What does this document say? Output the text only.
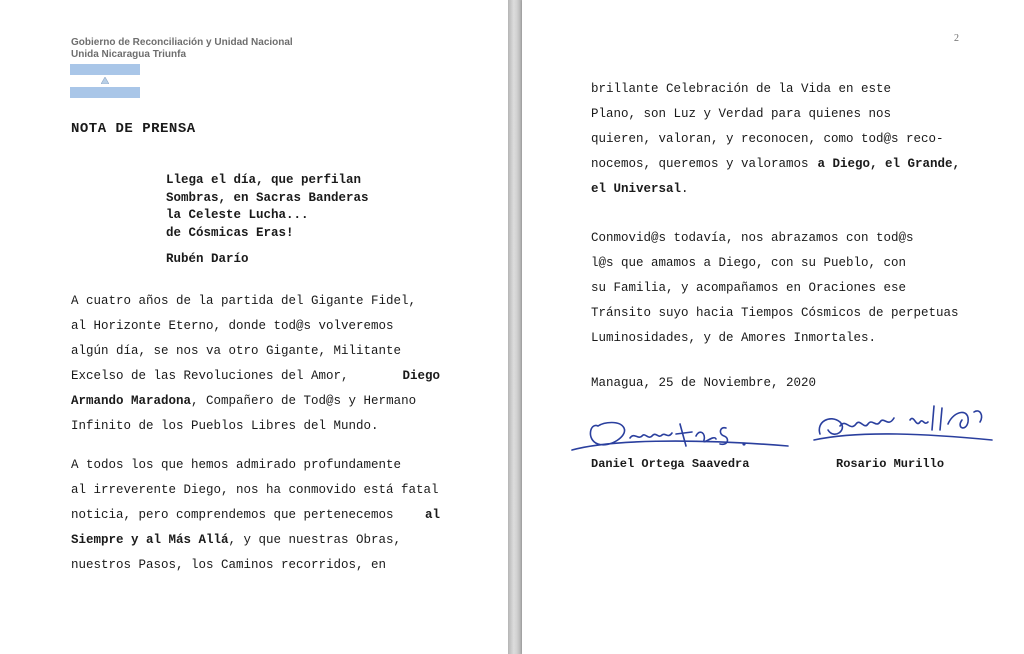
Gobierno de Reconciliación y Unidad Nacional
Unida Nicaragua Triunfa
NOTA DE PRENSA
Llega el día, que perfilan
Sombras, en Sacras Banderas
la Celeste Lucha...
de Cósmicas Eras!
Rubén Darío
A cuatro años de la partida del Gigante Fidel,
al Horizonte Eterno, donde tod@s volveremos
algún día, se nos va otro Gigante, Militante
Excelso de las Revoluciones del Amor,	Diego
Armando Maradona , Compañero de Tod@s y Hermano
Infinito de los Pueblos Libres del Mundo.
A todos los que hemos admirado profundamente
al irreverente Diego, nos ha conmovido está fatal
noticia, pero comprendemos que pertenecemos	al
Siempre y al Más Allá , y que nuestras Obras,
nuestros Pasos, los Caminos recorridos, en
2
brillante Celebración de la Vida en este
Plano, son Luz y Verdad para quienes nos
quieren, valoran, y reconocen, como tod@s reco-
nocemos, queremos y valoramos a Diego, el Grande,
el Universal .
Conmovid@s todavía, nos abrazamos con tod@s
l@s que amamos a Diego, con su Pueblo, con
su Familia, y acompañamos en Oraciones ese
Tránsito suyo hacia Tiempos Cósmicos de perpetuas
Luminosidades, y de Amores Inmortales.
Managua, 25 de Noviembre, 2020
Daniel Ortega Saavedra	Rosario Murillo
